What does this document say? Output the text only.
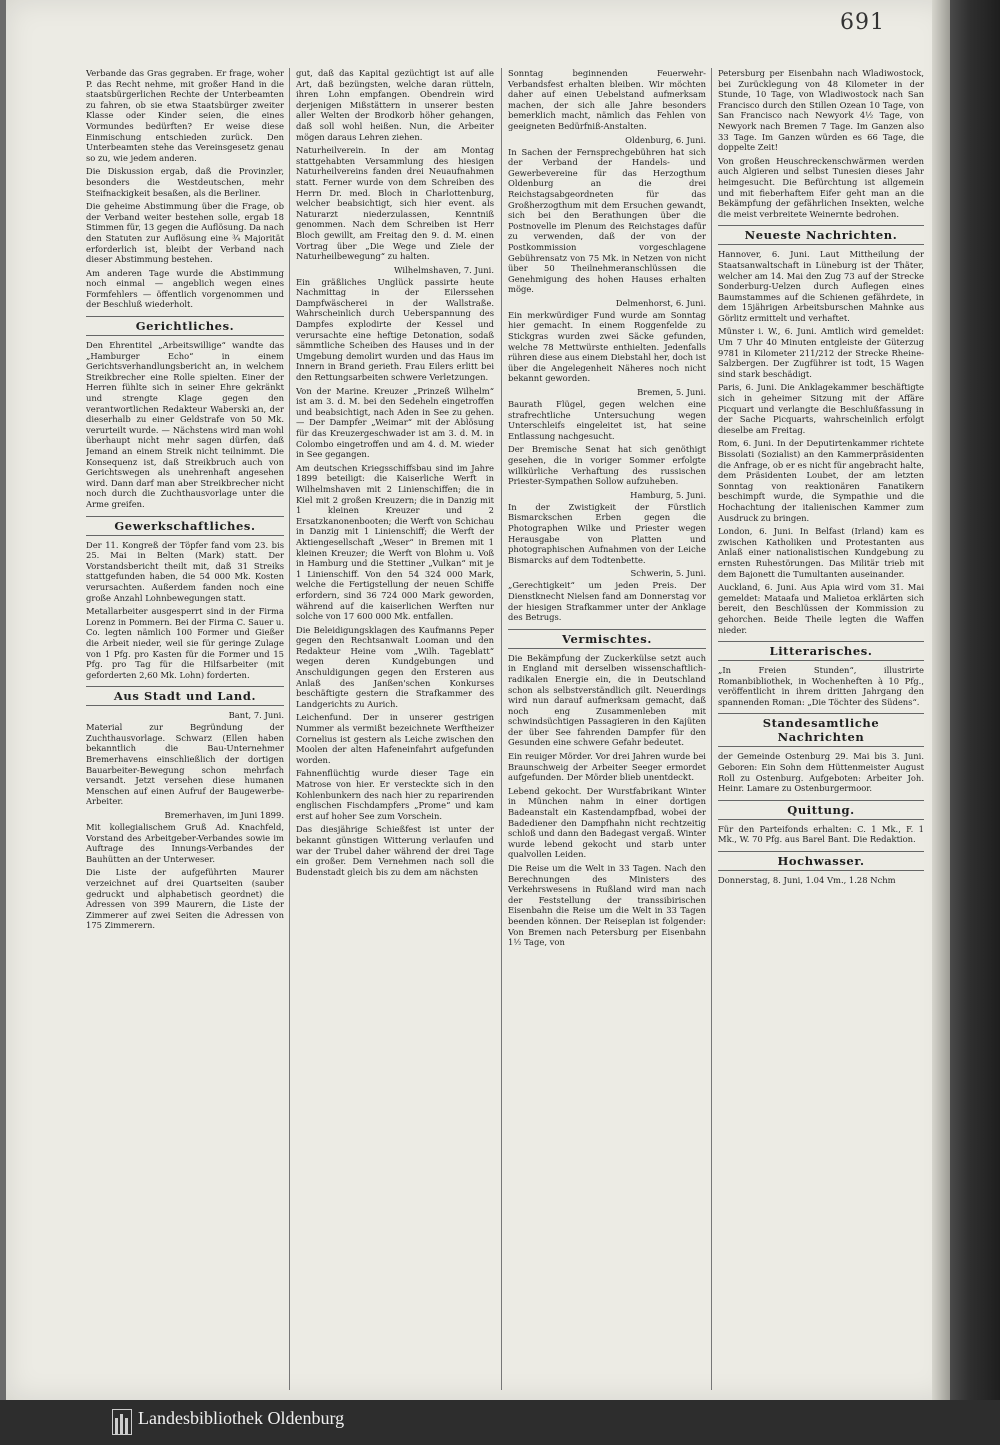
691

Verbande das Gras gegraben. Er frage, woher P. das Recht nehme, mit großer Hand in die staatsbürgerlichen Rechte der Unterbeamten zu fahren, ob sie etwa Staatsbürger zweiter Klasse oder Kinder seien, die eines Vormundes bedürften? Er weise diese Einmischung entschieden zurück. Den Unterbeamten stehe das Vereinsgesetz genau so zu, wie jedem anderen.

Die Diskussion ergab, daß die Provinzler, besonders die Westdeutschen, mehr Steifnackigkeit besaßen, als die Berliner.

Die geheime Abstimmung über die Frage, ob der Verband weiter bestehen solle, ergab 18 Stimmen für, 13 gegen die Auflösung. Da nach den Statuten zur Auflösung eine ¾ Majorität erforderlich ist, bleibt der Verband nach dieser Abstimmung bestehen.

Am anderen Tage wurde die Abstimmung noch einmal — angeblich wegen eines Formfehlers — öffentlich vorgenommen und der Beschluß wiederholt.

Gerichtliches.

Den Ehrentitel „Arbeitswillige“ wandte das „Hamburger Echo“ in einem Gerichtsverhandlungsbericht an, in welchem Streikbrecher eine Rolle spielten. Einer der Herren fühlte sich in seiner Ehre gekränkt und strengte Klage gegen den verantwortlichen Redakteur Waberski an, der dieserhalb zu einer Geldstrafe von 50 Mk. verurteilt wurde. — Nächstens wird man wohl überhaupt nicht mehr sagen dürfen, daß Jemand an einem Streik nicht teilnimmt. Die Konsequenz ist, daß Streikbruch auch von Gerichtswegen als unehrenhaft angesehen wird. Dann darf man aber Streikbrecher nicht noch durch die Zuchthausvorlage unter die Arme greifen.

Gewerkschaftliches.

Der 11. Kongreß der Töpfer fand vom 23. bis 25. Mai in Belten (Mark) statt. Der Vorstandsbericht theilt mit, daß 31 Streiks stattgefunden haben, die 54 000 Mk. Kosten verursachten. Außerdem fanden noch eine große Anzahl Lohnbewegungen statt.

Metallarbeiter ausgesperrt sind in der Firma Lorenz in Pommern. Bei der Firma C. Sauer u. Co. legten nämlich 100 Former und Gießer die Arbeit nieder, weil sie für geringe Zulage von 1 Pfg. pro Kasten für die Former und 15 Pfg. pro Tag für die Hilfsarbeiter (mit geforderten 2,60 Mk. Lohn) forderten.

Aus Stadt und Land.
Bant, 7. Juni.

Material zur Begründung der Zuchthausvorlage. Schwarz (Ellen haben bekanntlich die Bau-Unternehmer Bremerhavens einschließlich der dortigen Bauarbeiter-Bewegung schon mehrfach versandt. Jetzt versehen diese humanen Menschen auf einen Aufruf der Baugewerbe-Arbeiter.

Bremerhaven, im Juni 1899.

Mit kollegialischem Gruß Ad. Knachfeld, Vorstand des Arbeitgeber-Verbandes sowie im Auftrage des Innungs-Verbandes der Bauhütten an der Unterweser.

Die Liste der aufgeführten Maurer verzeichnet auf drei Quartseiten (sauber gedruckt und alphabetisch geordnet) die Adressen von 399 Maurern, die Liste der Zimmerer auf zwei Seiten die Adressen von 175 Zimmerern.

gut, daß das Kapital gezüchtigt ist auf alle Art, daß bezüngsten, welche daran rütteln, ihren Lohn empfangen. Obendrein wird derjenigen Mißstättern in unserer besten aller Welten der Brodkorb höher gehangen, daß soll wohl heißen. Nun, die Arbeiter mögen daraus Lehren ziehen.

Naturheilverein. In der am Montag stattgehabten Versammlung des hiesigen Naturheilvereins fanden drei Neuaufnahmen statt. Ferner wurde von dem Schreiben des Herrn Dr. med. Bloch in Charlottenburg, welcher beabsichtigt, sich hier event. als Naturarzt niederzulassen, Kenntniß genommen. Nach dem Schreiben ist Herr Bloch gewillt, am Freitag den 9. d. M. einen Vortrag über „Die Wege und Ziele der Naturheilbewegung“ zu halten.

Wilhelmshaven, 7. Juni.

Ein gräßliches Unglück passirte heute Nachmittag in der Eilerssehen Dampfwäscherei in der Wallstraße. Wahrscheinlich durch Ueberspannung des Dampfes explodirte der Kessel und verursachte eine heftige Detonation, sodaß sämmtliche Scheiben des Hauses und in der Umgebung demolirt wurden und das Haus im Innern in Brand gerieth. Frau Eilers erlitt bei den Rettungsarbeiten schwere Verletzungen.

Von der Marine. Kreuzer „Prinzeß Wilhelm“ ist am 3. d. M. bei den Sedeheln eingetroffen und beabsichtigt, nach Aden in See zu gehen. — Der Dampfer „Weimar“ mit der Ablösung für das Kreuzergeschwader ist am 3. d. M. in Colombo eingetroffen und am 4. d. M. wieder in See gegangen.

Am deutschen Kriegsschiffsbau sind im Jahre 1899 beteiligt: die Kaiserliche Werft in Wilhelmshaven mit 2 Linienschiffen; die in Kiel mit 2 großen Kreuzern; die in Danzig mit 1 kleinen Kreuzer und 2 Ersatzkanonenbooten; die Werft von Schichau in Danzig mit 1 Linienschiff; die Werft der Aktiengesellschaft „Weser“ in Bremen mit 1 kleinen Kreuzer; die Werft von Blohm u. Voß in Hamburg und die Stettiner „Vulkan“ mit je 1 Linienschiff. Von den 54 324 000 Mark, welche die Fertigstellung der neuen Schiffe erfordern, sind 36 724 000 Mark geworden, während auf die kaiserlichen Werften nur solche von 17 600 000 Mk. entfallen.

Die Beleidigungsklagen des Kaufmanns Peper gegen den Rechtsanwalt Looman und den Redakteur Heine vom „Wilh. Tageblatt“ wegen deren Kundgebungen und Anschuldigungen gegen den Ersteren aus Anlaß des Janßen'schen Konkurses beschäftigte gestern die Strafkammer des Landgerichts zu Aurich.

Leichenfund. Der in unserer gestrigen Nummer als vermißt bezeichnete Werftheizer Cornelius ist gestern als Leiche zwischen den Moolen der alten Hafeneinfahrt aufgefunden worden.

Fahnenflüchtig wurde dieser Tage ein Matrose von hier. Er versteckte sich in den Kohlenbunkern des nach hier zu reparirenden englischen Fischdampfers „Prome“ und kam erst auf hoher See zum Vorschein.

Das diesjährige Schießfest ist unter der bekannt günstigen Witterung verlaufen und war der Trubel daher während der drei Tage ein großer. Dem Vernehmen nach soll die Budenstadt gleich bis zu dem am nächsten

Sonntag beginnenden Feuerwehr-Verbandsfest erhalten bleiben. Wir möchten daher auf einen Uebelstand aufmerksam machen, der sich alle Jahre besonders bemerklich macht, nämlich das Fehlen von geeigneten Bedürfniß-Anstalten.

Oldenburg, 6. Juni.

In Sachen der Fernsprechgebühren hat sich der Verband der Handels- und Gewerbevereine für das Herzogthum Oldenburg an die drei Reichstagsabgeordneten für das Großherzogthum mit dem Ersuchen gewandt, sich bei den Berathungen über die Postnovelle im Plenum des Reichstages dafür zu verwenden, daß der von der Postkommission vorgeschlagene Gebührensatz von 75 Mk. in Netzen von nicht über 50 Theilnehmeranschlüssen die Genehmigung des hohen Hauses erhalten möge.

Delmenhorst, 6. Juni.

Ein merkwürdiger Fund wurde am Sonntag hier gemacht. In einem Roggenfelde zu Stickgras wurden zwei Säcke gefunden, welche 78 Mettwürste enthielten. Jedenfalls rühren diese aus einem Diebstahl her, doch ist über die Angelegenheit Näheres noch nicht bekannt geworden.

Bremen, 5. Juni.

Baurath Flügel, gegen welchen eine strafrechtliche Untersuchung wegen Unterschleifs eingeleitet ist, hat seine Entlassung nachgesucht.

Der Bremische Senat hat sich genöthigt gesehen, die in voriger Sommer erfolgte willkürliche Verhaftung des russischen Priester-Sympathen Sollow aufzuheben.

Hamburg, 5. Juni.

In der Zwistigkeit der Fürstlich Bismarckschen Erben gegen die Photographen Wilke und Priester wegen Herausgabe von Platten und photographischen Aufnahmen von der Leiche Bismarcks auf dem Todtenbette.

Schwerin, 5. Juni.

„Gerechtigkeit“ um jeden Preis. Der Dienstknecht Nielsen fand am Donnerstag vor der hiesigen Strafkammer unter der Anklage des Betrugs.

Vermischtes.

Die Bekämpfung der Zuckerkülse setzt auch in England mit derselben wissenschaftlich-radikalen Energie ein, die in Deutschland schon als selbstverständlich gilt. Neuerdings wird nun darauf aufmerksam gemacht, daß noch eng Zusammenleben mit schwindsüchtigen Passagieren in den Kajüten der über See fahrenden Dampfer für den Gesunden eine schwere Gefahr bedeutet.

Ein reuiger Mörder. Vor drei Jahren wurde bei Braunschweig der Arbeiter Seeger ermordet aufgefunden. Der Mörder blieb unentdeckt.

Lebend gekocht. Der Wurstfabrikant Winter in München nahm in einer dortigen Badeanstalt ein Kastendampfbad, wobei der Badediener den Dampfhahn nicht rechtzeitig schloß und dann den Badegast vergaß. Winter wurde lebend gekocht und starb unter qualvollen Leiden.

Die Reise um die Welt in 33 Tagen. Nach den Berechnungen des Ministers des Verkehrswesens in Rußland wird man nach der Feststellung der transsibirischen Eisenbahn die Reise um die Welt in 33 Tagen beenden können. Der Reiseplan ist folgender: Von Bremen nach Petersburg per Eisenbahn 1½ Tage, von

Petersburg per Eisenbahn nach Wladiwostock, bei Zurücklegung von 48 Kilometer in der Stunde, 10 Tage, von Wladiwostock nach San Francisco durch den Stillen Ozean 10 Tage, von San Francisco nach Newyork 4½ Tage, von Newyork nach Bremen 7 Tage. Im Ganzen also 33 Tage. Im Ganzen würden es 66 Tage, die doppelte Zeit!

Von großen Heuschreckenschwärmen werden auch Algieren und selbst Tunesien dieses Jahr heimgesucht. Die Befürchtung ist allgemein und mit fieberhaftem Eifer geht man an die Bekämpfung der gefährlichen Insekten, welche die meist verbreitete Weinernte bedrohen.

Neueste Nachrichten.

Hannover, 6. Juni. Laut Mittheilung der Staatsanwaltschaft in Lüneburg ist der Thäter, welcher am 14. Mai den Zug 73 auf der Strecke Sonderburg-Uelzen durch Auflegen eines Baumstammes auf die Schienen gefährdete, in dem 15jährigen Arbeitsburschen Mahnke aus Görlitz ermittelt und verhaftet.

Münster i. W., 6. Juni. Amtlich wird gemeldet: Um 7 Uhr 40 Minuten entgleiste der Güterzug 9781 in Kilometer 211/212 der Strecke Rheine-Salzbergen. Der Zugführer ist todt, 15 Wagen sind stark beschädigt.

Paris, 6. Juni. Die Anklagekammer beschäftigte sich in geheimer Sitzung mit der Affäre Picquart und verlangte die Beschlußfassung in der Sache Picquarts, wahrscheinlich erfolgt dieselbe am Freitag.

Rom, 6. Juni. In der Deputirtenkammer richtete Bissolati (Sozialist) an den Kammerpräsidenten die Anfrage, ob er es nicht für angebracht halte, dem Präsidenten Loubet, der am letzten Sonntag von reaktionären Fanatikern beschimpft wurde, die Sympathie und die Hochachtung der italienischen Kammer zum Ausdruck zu bringen.

London, 6. Juni. In Belfast (Irland) kam es zwischen Katholiken und Protestanten aus Anlaß einer nationalistischen Kundgebung zu ernsten Ruhestörungen. Das Militär trieb mit dem Bajonett die Tumultanten auseinander.

Auckland, 6. Juni. Aus Apia wird vom 31. Mai gemeldet: Mataafa und Malietoa erklärten sich bereit, den Beschlüssen der Kommission zu gehorchen. Beide Theile legten die Waffen nieder.

Litterarisches.

„In Freien Stunden“, illustrirte Romanbibliothek, in Wochenheften à 10 Pfg., veröffentlicht in ihrem dritten Jahrgang den spannenden Roman: „Die Töchter des Südens“.

Standesamtliche Nachrichten

der Gemeinde Ostenburg 29. Mai bis 3. Juni. Geboren: Ein Sohn dem Hüttenmeister August Roll zu Ostenburg. Aufgeboten: Arbeiter Joh. Heinr. Lamare zu Ostenburgermoor.

Quittung.

Für den Parteifonds erhalten: C. 1 Mk., F. 1 Mk., W. 70 Pfg. aus Barel Bant. Die Redaktion.

Hochwasser.

Donnerstag, 8. Juni, 1.04 Vm., 1.28 Nchm

Landesbibliothek Oldenburg
